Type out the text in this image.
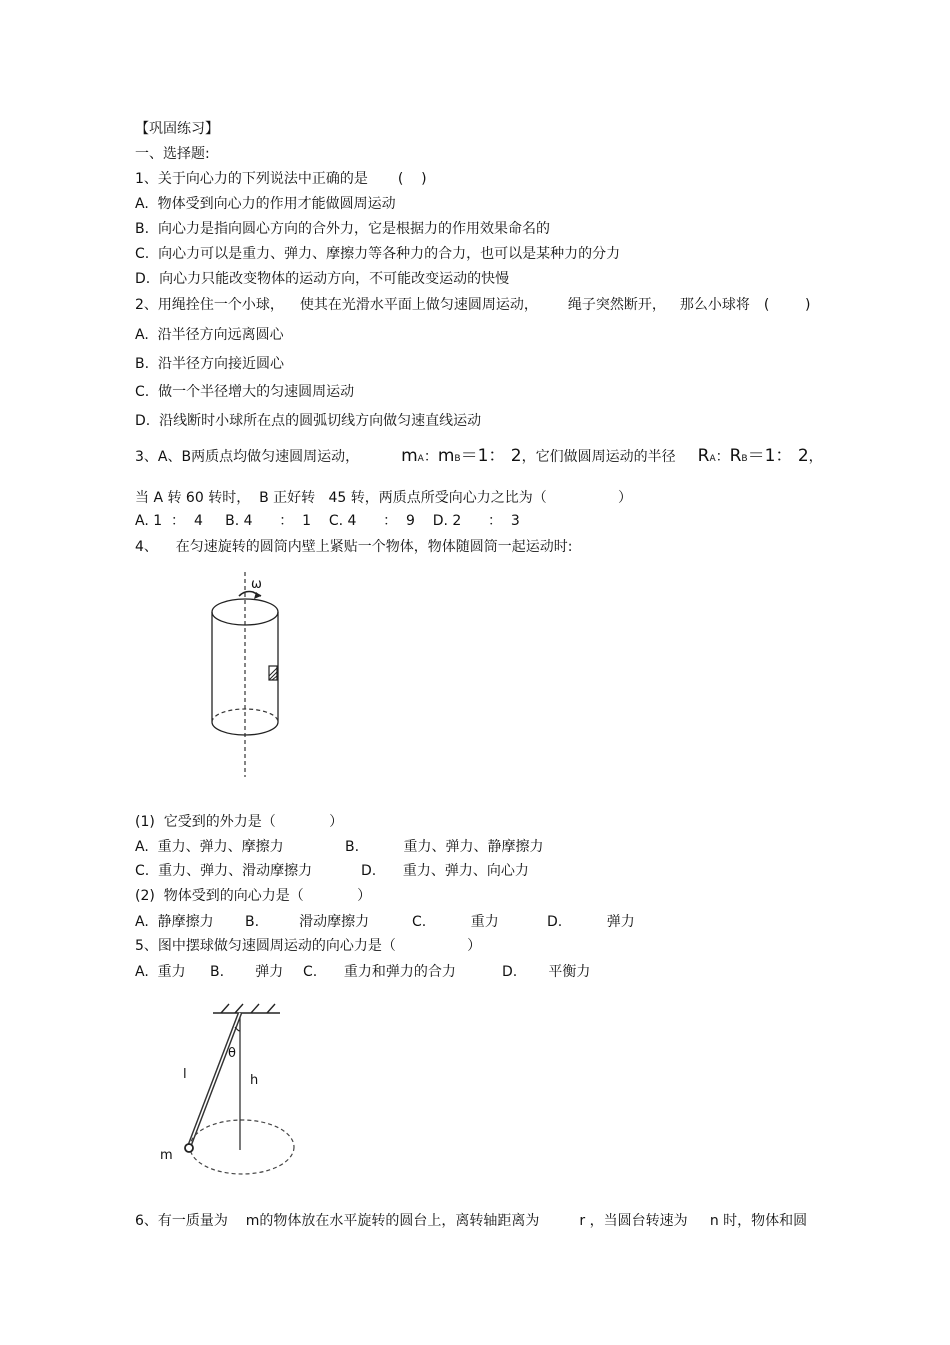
【巩固练习】
一、选择题:
1、关于向心力的下列说法中正确的是 (    )
A.  物体受到向心力的作用才能做圆周运动
B.  向心力是指向圆心方向的合外力，它是根据力的作用效果命名的
C.  向心力可以是重力、弹力、摩擦力等各种力的合力，也可以是某种力的分力
D.  向心力只能改变物体的运动方向，不可能改变运动的快慢
2、用绳拴住一个小球， 使其在光滑水平面上做匀速圆周运动， 绳子突然断开， 那么小球将 (        )
A.  沿半径方向远离圆心
B.  沿半径方向接近圆心
C.  做一个半径增大的匀速圆周运动
D.  沿线断时小球所在点的圆弧切线方向做匀速直线运动
3、A、B两质点均做匀速圆周运动， mA：mB＝1： 2，它们做圆周运动的半径 RA：RB＝1： 2，
当 A 转 60 转时，  B 正好转   45 转，两质点所受向心力之比为（                ）
A. 1  ：  4     B. 4      ：  1    C. 4      ：  9    D. 2      ：  3
4、    在匀速旋转的圆筒内壁上紧贴一个物体，物体随圆筒一起运动时:
ω
(1)  它受到的外力是（            ）
A.  重力、弹力、摩擦力	B.          重力、弹力、静摩擦力
C.  重力、弹力、滑动摩擦力	D.      重力、弹力、向心力
(2)  物体受到的向心力是（            ）
A.  静摩擦力 B.         滑动摩擦力	C.          重力	D.          弹力
5、图中摆球做匀速圆周运动的向心力是（                ）
A.  重力 B.       弹力 C.      重力和弹力的合力	D.       平衡力
θ
l	h
m
6、有一质量为    m的物体放在水平旋转的圆台上，离转轴距离为	r ，当圆台转速为     n 时，物体和圆
